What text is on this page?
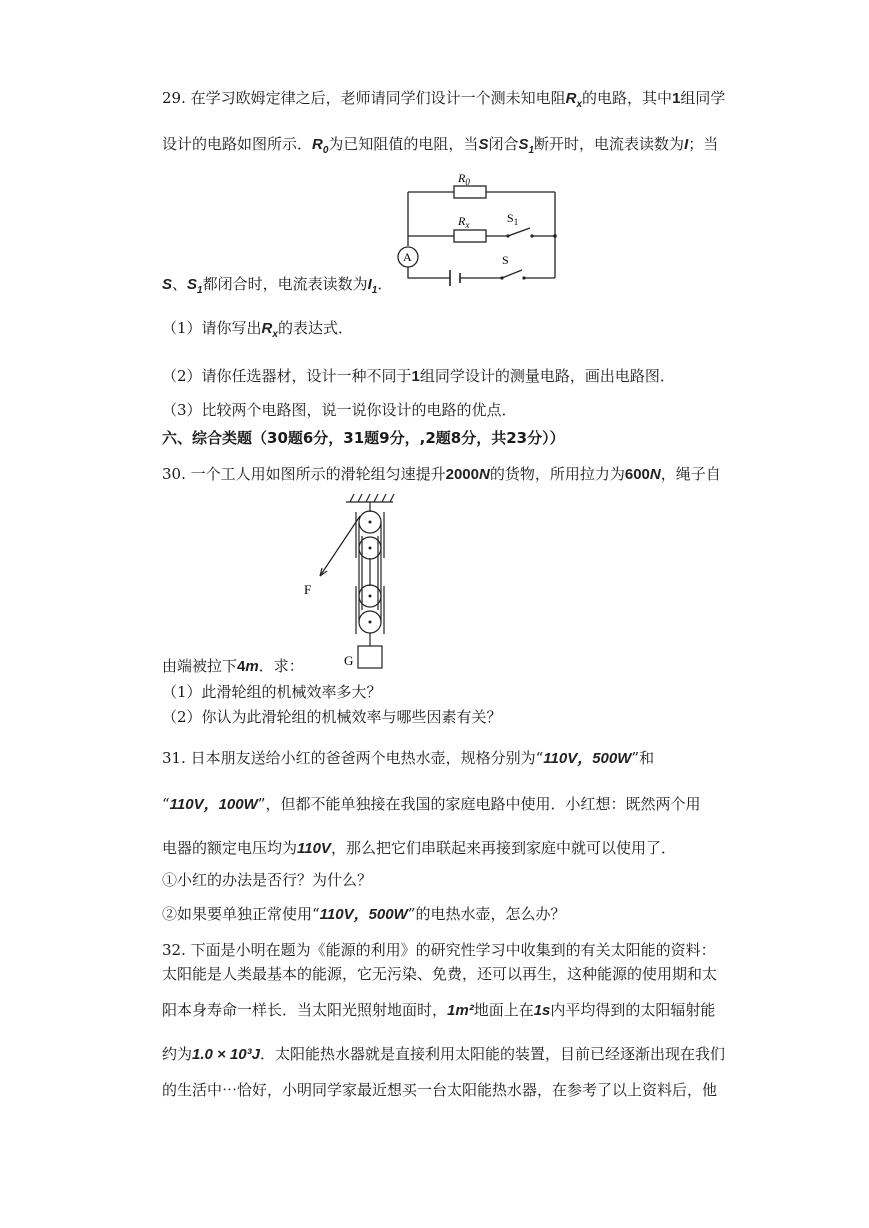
29. 在学习欧姆定律之后，老师请同学们设计一个测未知电阻$R_x$的电路，其中1组同学
设计的电路如图所示．$R_0$为已知阻值的电阻，当S闭合$S_1$断开时，电流表读数为I；当
$R_0$
$R_x$	$S_1$
S
A
S、$S_1$都闭合时，电流表读数为$I_1$．
（1）请你写出$R_x$的表达式．
（2）请你任选器材，设计一种不同于1组同学设计的测量电路，画出电路图．
（3）比较两个电路图，说一说你设计的电路的优点．
六、综合类题（30题6分，31题9分，,2题8分，共23分））
30. 一个工人用如图所示的滑轮组匀速提升2000N的货物，所用拉力为600N，绳子自
F
G
由端被拉下4m．求：
（1）此滑轮组的机械效率多大？
（2）你认为此滑轮组的机械效率与哪些因素有关？
31. 日本朋友送给小红的爸爸两个电热水壶，规格分别为“110V，500W”和
“110V，100W”，但都不能单独接在我国的家庭电路中使用．小红想：既然两个用
电器的额定电压均为110V，那么把它们串联起来再接到家庭中就可以使用了．
①小红的办法是否行？为什么？
②如果要单独正常使用“110V，500W”的电热水壶，怎么办？
32. 下面是小明在题为《能源的利用》的研究性学习中收集到的有关太阳能的资料：
太阳能是人类最基本的能源，它无污染、免费，还可以再生，这种能源的使用期和太
阳本身寿命一样长．当太阳光照射地面时，1m²地面上在1s内平均得到的太阳辐射能
约为1.0 × 10³J．太阳能热水器就是直接利用太阳能的装置，目前已经逐渐出现在我们
的生活中⋯恰好，小明同学家最近想买一台太阳能热水器，在参考了以上资料后，他
